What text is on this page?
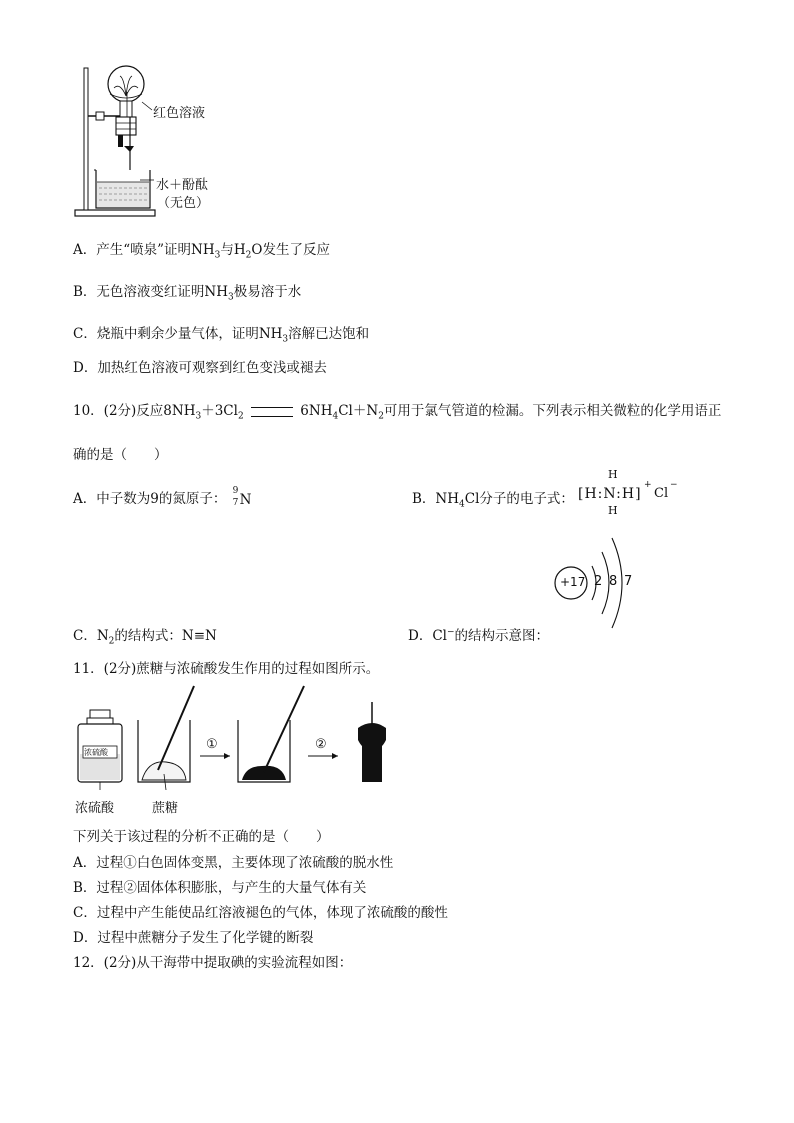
红色溶液
水＋酚酞
（无色）
A．产生“喷泉”证明$NH_3$与$H_2O$发生了反应
B．无色溶液变红证明$NH_3$极易溶于水
C．烧瓶中剩余少量气体，证明$NH_3$溶解已达饱和
D．加热红色溶液可观察到红色变浅或褪去
10．(2分)反应$8NH_3+3Cl_2$	$6NH_4Cl+N_2$可用于氯气管道的检漏。下列表示相关微粒的化学用语正
确的是（　　）
A．中子数为9的氮原子：
9
7 N	B．$NH_4Cl$分子的电子式：
H
[H:N:H]
+
Cl
−
H
+17 2 8 7
C．$N_2$的结构式：N≡N	D．Cl−的结构示意图：
11．(2分)蔗糖与浓硫酸发生作用的过程如图所示。
浓硫酸
①	②
浓硫酸	蔗糖
下列关于该过程的分析不正确的是（　　）
A．过程①白色固体变黑，主要体现了浓硫酸的脱水性
B．过程②固体体积膨胀，与产生的大量气体有关
C．过程中产生能使品红溶液褪色的气体，体现了浓硫酸的酸性
D．过程中蔗糖分子发生了化学键的断裂
12．(2分)从干海带中提取碘的实验流程如图：
